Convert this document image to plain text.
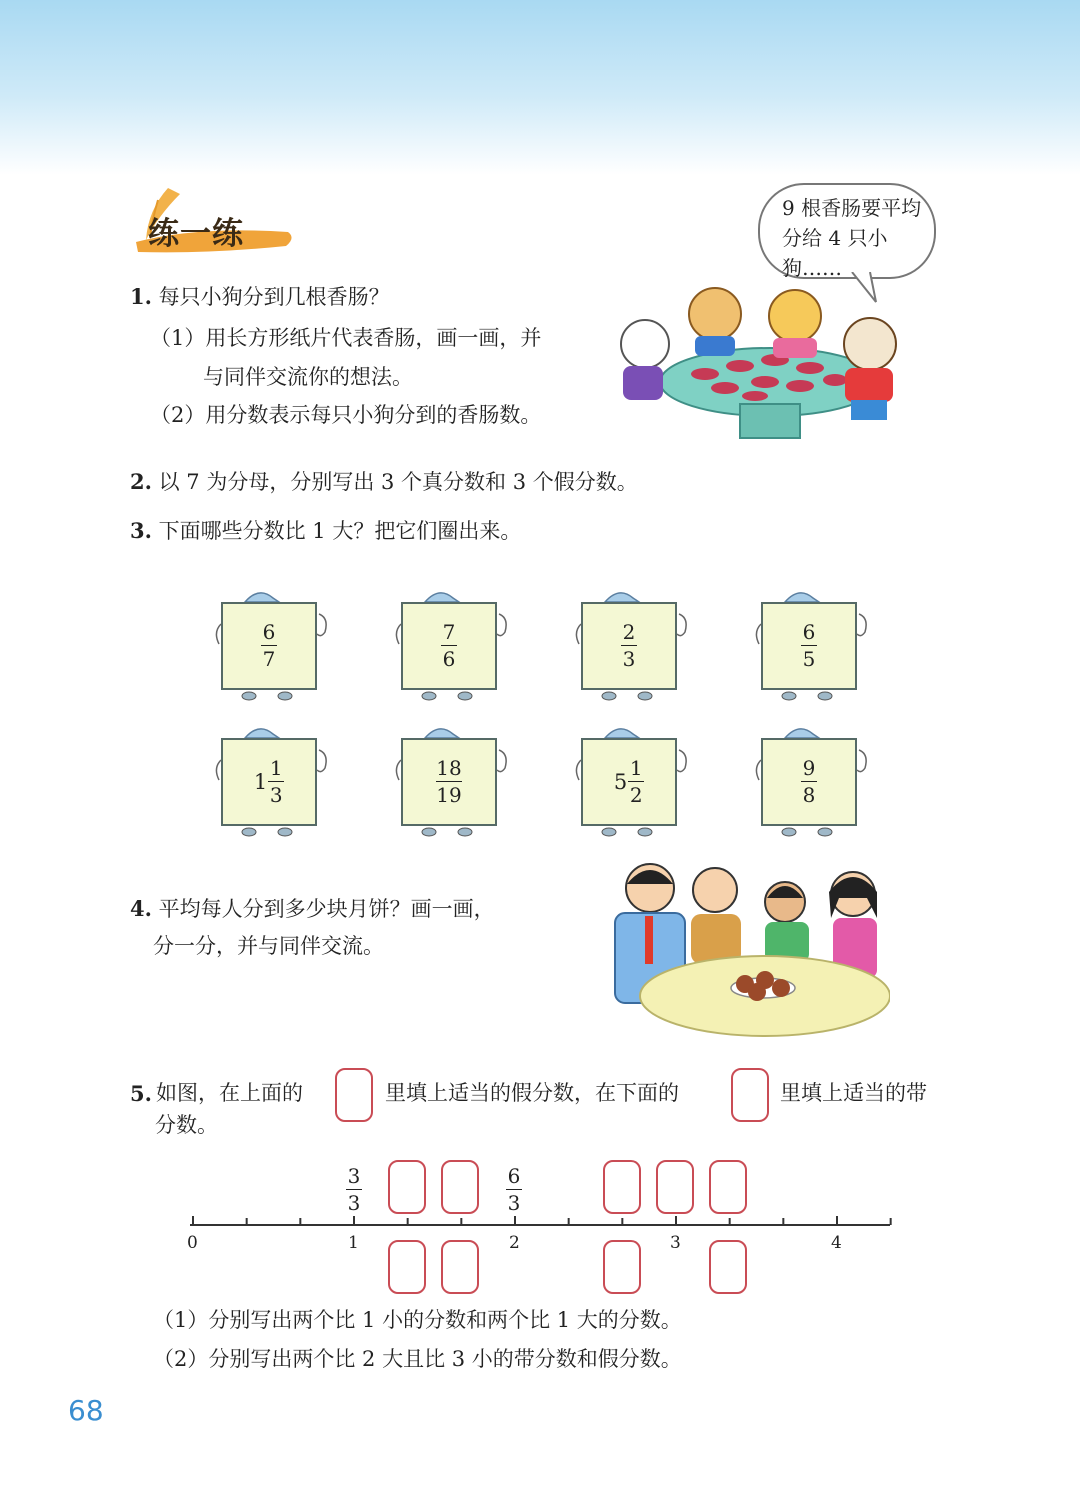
练一练
9 根香肠要平均分给 4 只小狗……
1. 每只小狗分到几根香肠？
（1）用长方形纸片代表香肠，画一画，并
与同伴交流你的想法。
（2）用分数表示每只小狗分到的香肠数。
2. 以 7 为分母，分别写出 3 个真分数和 3 个假分数。
3. 下面哪些分数比 1 大？把它们圈出来。
$\frac{6}{7}$	$\frac{7}{6}$	$\frac{2}{3}$	$\frac{6}{5}$
$1 \frac{1}{3}$	$\frac{18}{19}$	$5 \frac{1}{2}$	$\frac{9}{8}$
4. 平均每人分到多少块月饼？画一画，
分一分，并与同伴交流。
5. 如图，在上面的	里填上适当的假分数，在下面的	里填上适当的带
分数。
$\frac{3}{3}$	$\frac{6}{3}$
（1）分别写出两个比 1 小的分数和两个比 1 大的分数。
（2）分别写出两个比 2 大且比 3 小的带分数和假分数。
68
0	1	2	3	4
